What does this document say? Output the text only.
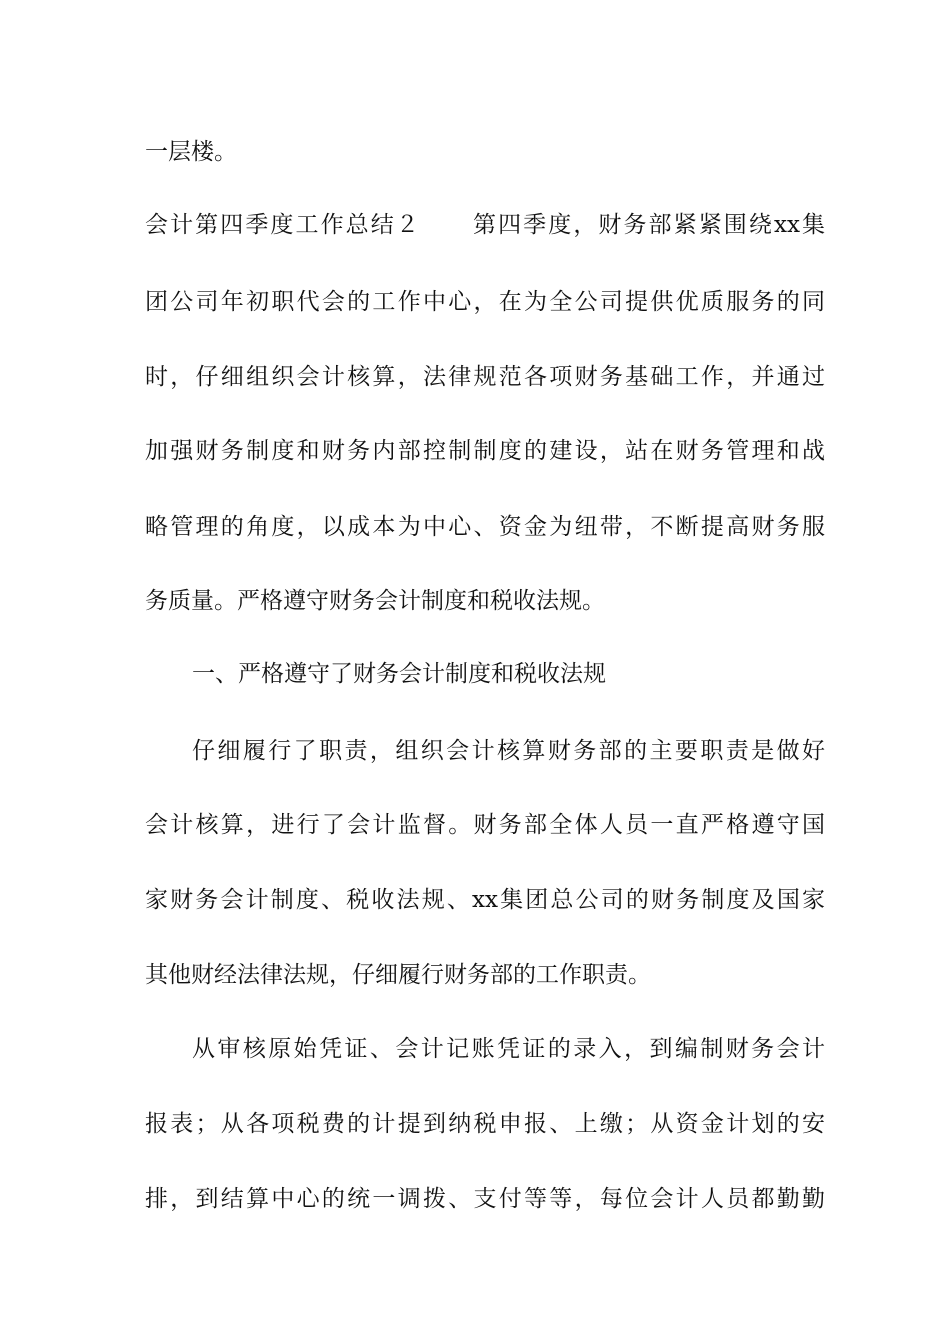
一层楼。
会计第四季度工作总结２ 第四季度，财务部紧紧围绕xx集
团公司年初职代会的工作中心，在为全公司提供优质服务的同
时，仔细组织会计核算，法律规范各项财务基础工作，并通过
加强财务制度和财务内部控制制度的建设，站在财务管理和战
略管理的角度，以成本为中心、资金为纽带，不断提高财务服
务质量。严格遵守财务会计制度和税收法规。
一、严格遵守了财务会计制度和税收法规
仔细履行了职责，组织会计核算财务部的主要职责是做好
会计核算，进行了会计监督。财务部全体人员一直严格遵守国
家财务会计制度、税收法规、xx集团总公司的财务制度及国家
其他财经法律法规，仔细履行财务部的工作职责。
从审核原始凭证、会计记账凭证的录入，到编制财务会计
报表；从各项税费的计提到纳税申报、上缴；从资金计划的安
排，到结算中心的统一调拨、支付等等，每位会计人员都勤勤
